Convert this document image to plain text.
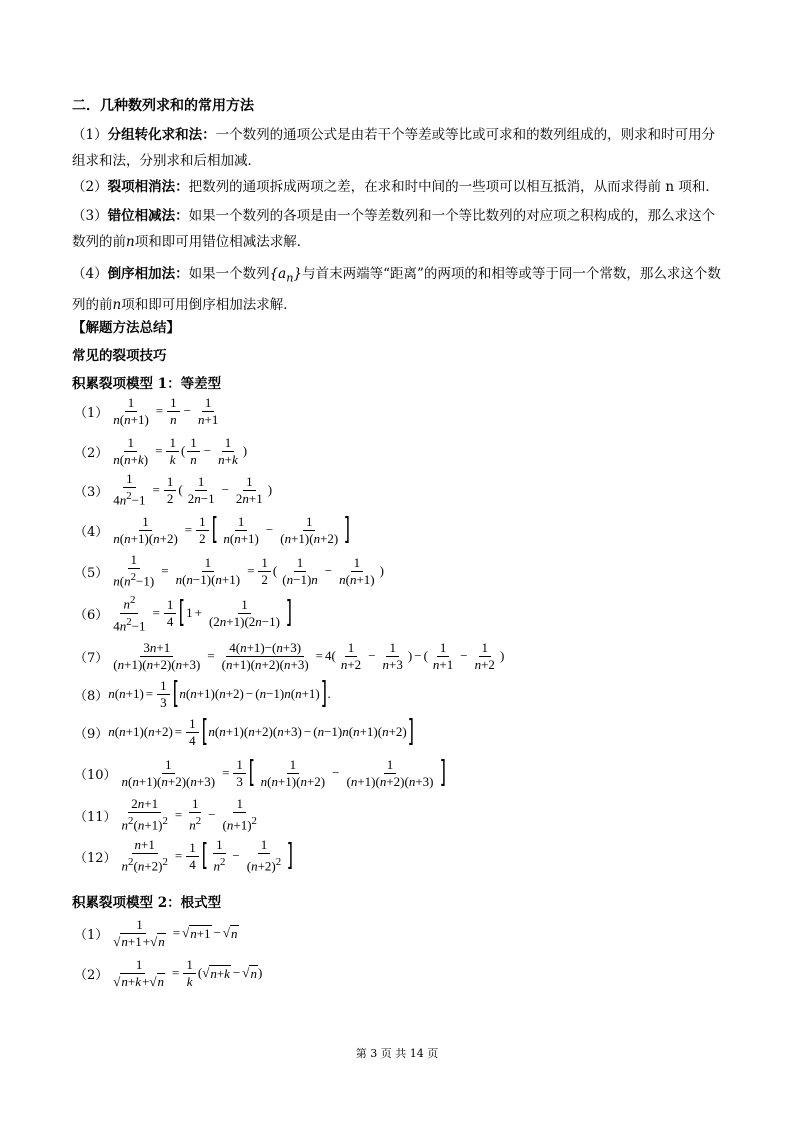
二．几种数列求和的常用方法
（1）分组转化求和法：一个数列的通项公式是由若干个等差或等比或可求和的数列组成的，则求和时可用分组求和法，分别求和后相加减．
（2）裂项相消法：把数列的通项拆成两项之差，在求和时中间的一些项可以相互抵消，从而求得前 n 项和．
（3）错位相减法：如果一个数列的各项是由一个等差数列和一个等比数列的对应项之积构成的，那么求这个数列的前n项和即可用错位相减法求解．
（4）倒序相加法：如果一个数列$\{a_n\}$与首末两端等“距离”的两项的和相等或等于同一个常数，那么求这个数列的前n项和即可用倒序相加法求解．
【解题方法总结】
常见的裂项技巧
积累裂项模型 1：等差型
$(1) \frac{1}{n(n+1)} = \frac{1}{n} - \frac{1}{n+1}$
$(2) \frac{1}{n(n+k)} = \frac{1}{k}$ ( $\frac{1}{n} - \frac{1}{n+k}$ )
$(3) \frac{1}{4n^2-1} = \frac{1}{2}$ ( $\frac{1}{2n-1} - \frac{1}{2n+1}$ )
$(4) \frac{1}{n(n+1)(n+2)} = \frac{1}{2}$ [ $\frac{1}{n(n+1)} - \frac{1}{(n+1)(n+2)}$ ]
$(5) \frac{1}{n(n^2-1)} = \frac{1}{n(n-1)(n+1)} = \frac{1}{2}$ ( $\frac{1}{(n-1)n} - \frac{1}{n(n+1)}$ )
$(6) \frac{n^2}{4n^2-1} = \frac{1}{4}$ [ $1 + \frac{1}{(2n+1)(2n-1)}$ ]
$(7) \frac{3n+1}{(n+1)(n+2)(n+3)} = \frac{4(n+1)-(n+3)}{(n+1)(n+2)(n+3)} = 4( \frac{1}{n+2} - \frac{1}{n+3}$ ) − ( $\frac{1}{n+1} - \frac{1}{n+2}$ )
（8） n ( $n +1) = \frac{1}{3}$ [ n ( n +1)( n +2) − ( n −1) n ( n +1) ] .
（9） n ( n +1)( $n +2) = \frac{1}{4}$ [ n ( n +1)( n +2)( n +3) − ( n −1) n ( n +1)( n +2) ]
$(10) \frac{1}{n(n+1)(n+2)(n+3)} = \frac{1}{3}$ [ $\frac{1}{n(n+1)(n+2)} - \frac{1}{(n+1)(n+2)(n+3)}$ ]
$(11) \frac{2n+1}{n^2(n+1)^2} = \frac{1}{n^2} - \frac{1}{(n+1)^2}$
$(12) \frac{n+1}{n^2(n+2)^2} = \frac{1}{4}$ [ $\frac{1}{n^2} - \frac{1}{(n+2)^2}$ ]
积累裂项模型 2：根式型
$(1) \frac{1}{√n+1+√n}$ = √ n+1 − √ n
$(2) \frac{1}{√n+k+√n} = \frac{1}{k}$ (√ n+k − √ n )
第 3 页 共 14 页
